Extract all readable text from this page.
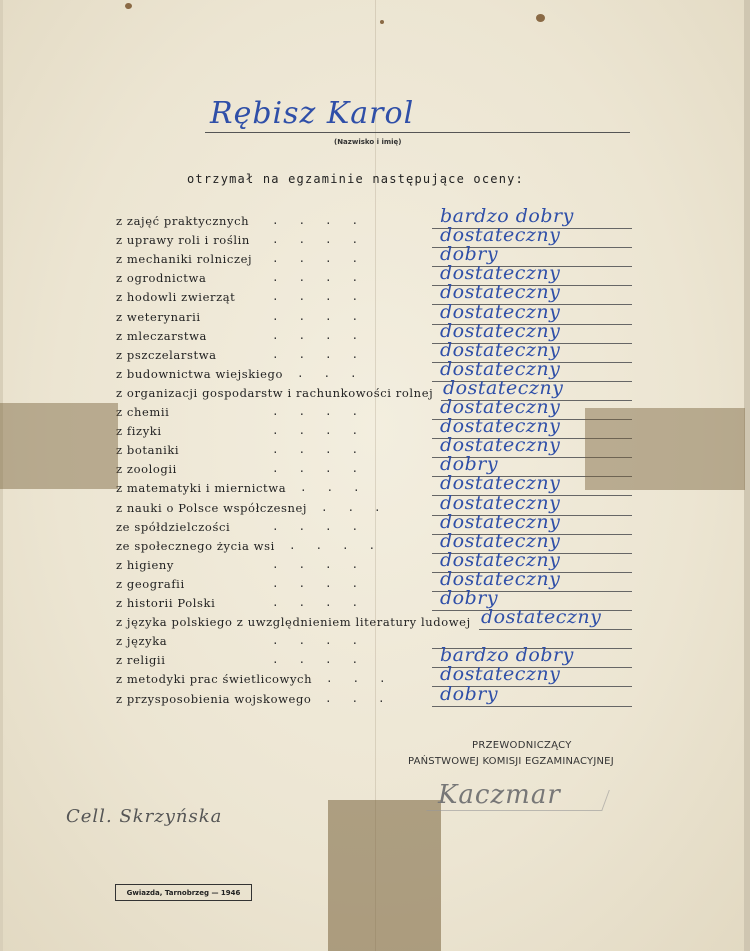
Rębisz Karol
(Nazwisko i imię)
otrzymał na egzaminie następujące oceny:
z zajęć praktycznych .   .   .   .	bardzo dobry
z uprawy roli i roślin .   .   .   .	dostateczny
z mechaniki rolniczej .   .   .   .	dobry
z ogrodnictwa	.   .   .   .	dostateczny
z hodowli zwierząt	.   .   .   .	dostateczny
z weterynarii	.   .   .   .	dostateczny
z mleczarstwa	.   .   .   .	dostateczny
z pszczelarstwa	.   .   .   .	dostateczny
z budownictwa wiejskiego .   .   .	dostateczny
z organizacji gospodarstw i rachunkowości rolnej dostateczny
z chemii	.   .   .   .	dostateczny
z fizyki	.   .   .   .	dostateczny
z botaniki	.   .   .   .	dostateczny
z zoologii	.   .   .   .	dobry
z matematyki i miernictwa .   .   .	dostateczny
z nauki o Polsce współczesnej .   .   .	dostateczny
ze spółdzielczości	.   .   .   .	dostateczny
ze społecznego życia wsi .   .   .   .	dostateczny
z higieny	.   .   .   .	dostateczny
z geografii	.   .   .   .	dostateczny
z historii Polski	.   .   .   .	dobry
z języka polskiego z uwzględnieniem literatury ludowej dostateczny
z języka	.   .   .   .
z religii	.   .   .   .	bardzo dobry
z metodyki prac świetlicowych .   .   .	dostateczny
z przysposobienia wojskowego .   .   .	dobry
PRZEWODNICZĄCY
PAŃSTWOWEJ KOMISJI EGZAMINACYJNEJ
Kaczmar
Cell. Skrzyńska
Gwiazda, Tarnobrzeg — 1946
